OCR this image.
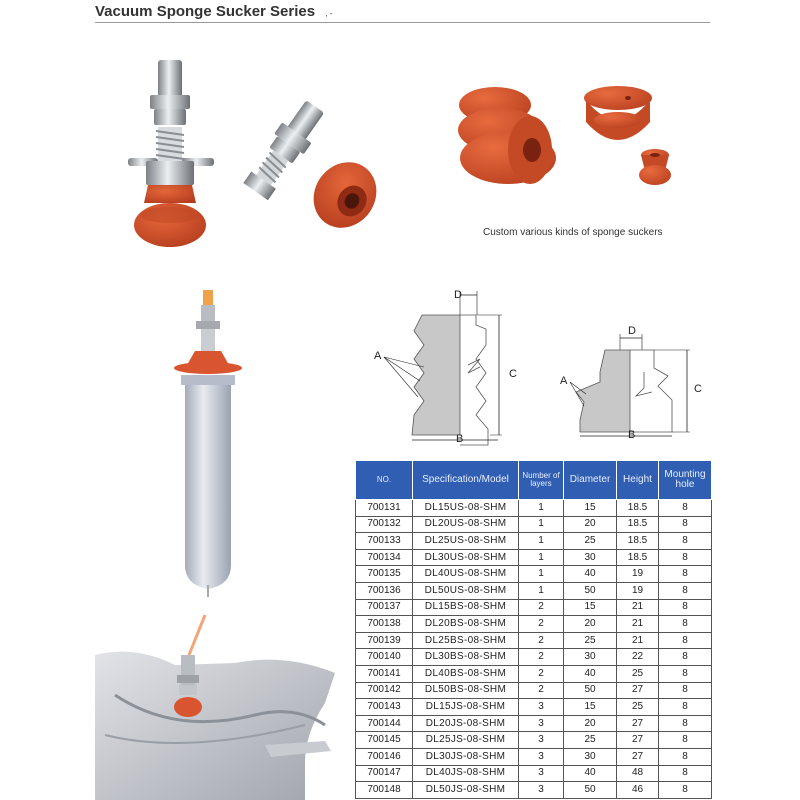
Vacuum Sponge Sucker Series , -
Custom various kinds of sponge suckers
D
C
B
A
D
C
B
A
NO.	Specification/Model	Number of layers	Diameter	Height	Mounting hole
700131	DL15US-08-SHM	1	15	18.5	8
700132	DL20US-08-SHM	1	20	18.5	8
700133	DL25US-08-SHM	1	25	18.5	8
700134	DL30US-08-SHM	1	30	18.5	8
700135	DL40US-08-SHM	1	40	19	8
700136	DL50US-08-SHM	1	50	19	8
700137	DL15BS-08-SHM	2	15	21	8
700138	DL20BS-08-SHM	2	20	21	8
700139	DL25BS-08-SHM	2	25	21	8
700140	DL30BS-08-SHM	2	30	22	8
700141	DL40BS-08-SHM	2	40	25	8
700142	DL50BS-08-SHM	2	50	27	8
700143	DL15JS-08-SHM	3	15	25	8
700144	DL20JS-08-SHM	3	20	27	8
700145	DL25JS-08-SHM	3	25	27	8
700146	DL30JS-08-SHM	3	30	27	8
700147	DL40JS-08-SHM	3	40	48	8
700148	DL50JS-08-SHM	3	50	46	8
